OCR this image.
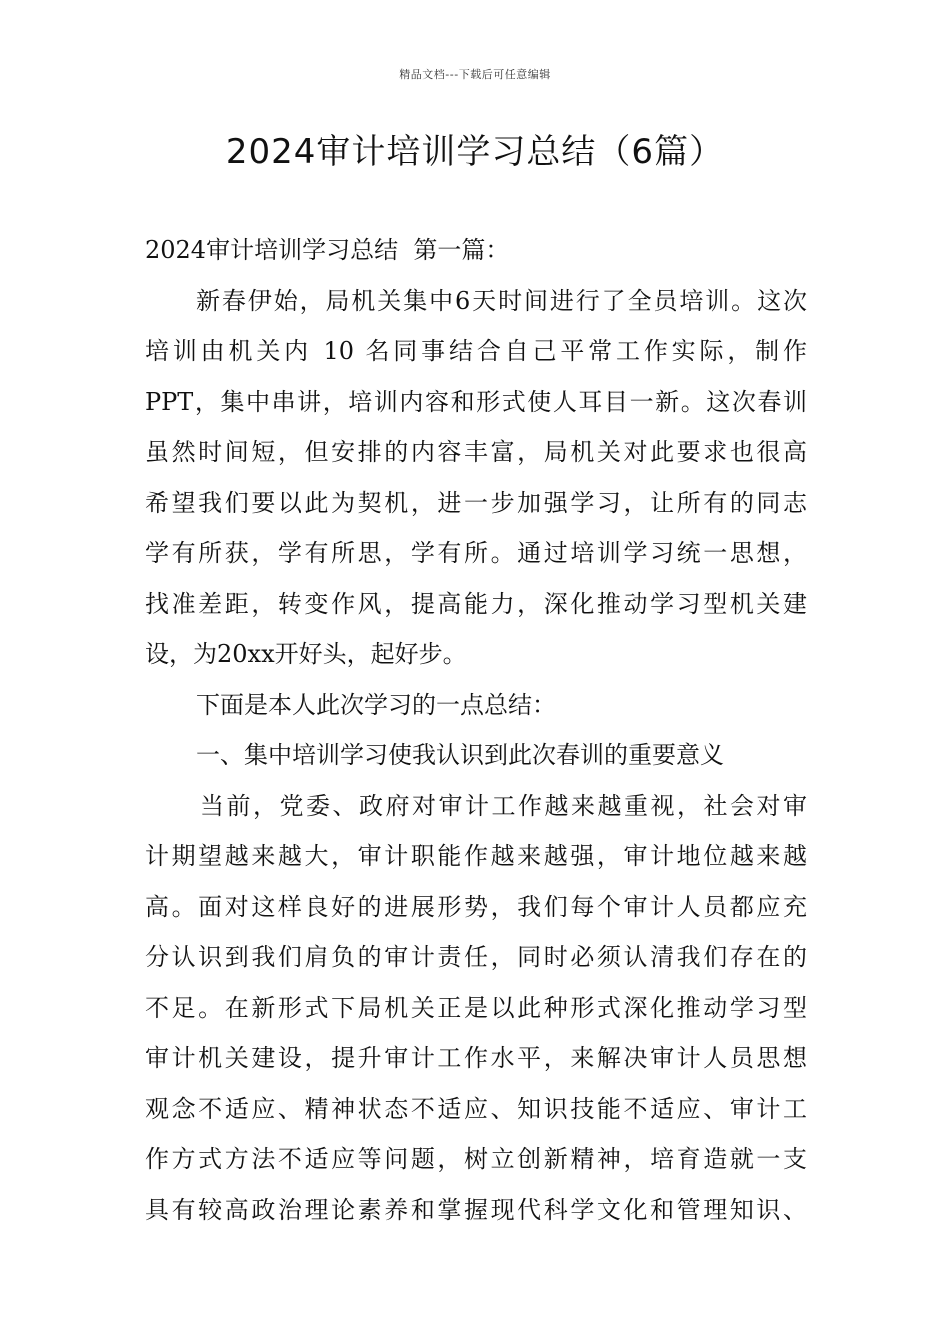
精品文档---下载后可任意编辑
2024审计培训学习总结（6篇）
2024审计培训学习总结  第一篇：
新春伊始，局机关集中6天时间进行了全员培训。这次
培训由机关内 10 名同事结合自己平常工作实际，制作
PPT，集中串讲，培训内容和形式使人耳目一新。这次春训
虽然时间短，但安排的内容丰富，局机关对此要求也很高
希望我们要以此为契机，进一步加强学习，让所有的同志
学有所获，学有所思，学有所。通过培训学习统一思想，
找准差距，转变作风，提高能力，深化推动学习型机关建
设，为20xx开好头，起好步。
下面是本人此次学习的一点总结：
一、集中培训学习使我认识到此次春训的重要意义
当前，党委、政府对审计工作越来越重视，社会对审
计期望越来越大，审计职能作越来越强，审计地位越来越
高。面对这样良好的进展形势，我们每个审计人员都应充
分认识到我们肩负的审计责任，同时必须认清我们存在的
不足。在新形式下局机关正是以此种形式深化推动学习型
审计机关建设，提升审计工作水平，来解决审计人员思想
观念不适应、精神状态不适应、知识技能不适应、审计工
作方式方法不适应等问题，树立创新精神，培育造就一支
具有较高政治理论素养和掌握现代科学文化和管理知识、
